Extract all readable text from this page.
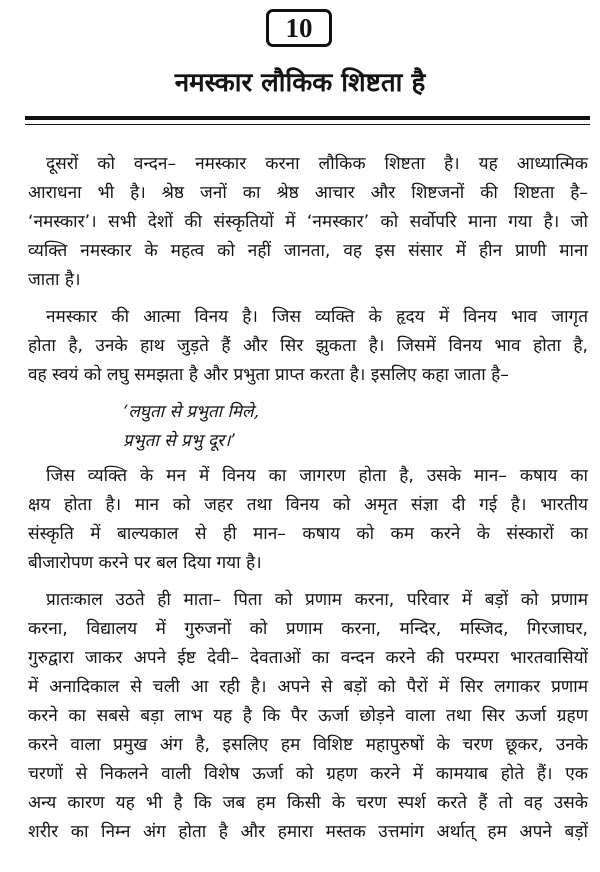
10
नमस्कार लौकिक शिष्टता है
दूसरों को वन्दन– नमस्कार करना लौकिक शिष्टता है। यह आध्यात्मिक
आराधना भी है। श्रेष्ठ जनों का श्रेष्ठ आचार और शिष्टजनों की शिष्टता है–
‘नमस्कार’। सभी देशों की संस्कृतियों में ‘नमस्कार’ को सर्वोपरि माना गया है। जो
व्यक्ति नमस्कार के महत्व को नहीं जानता, वह इस संसार में हीन प्राणी माना
जाता है।
नमस्कार की आत्मा विनय है। जिस व्यक्ति के हृदय में विनय भाव जागृत
होता है, उनके हाथ जुड़ते हैं और सिर झुकता है। जिसमें विनय भाव होता है,
वह स्वयं को लघु समझता है और प्रभुता प्राप्त करता है। इसलिए कहा जाता है–
‘लघुता से प्रभुता मिले,
प्रभुता से प्रभु दूर।’
जिस व्यक्ति के मन में विनय का जागरण होता है, उसके मान– कषाय का
क्षय होता है। मान को जहर तथा विनय को अमृत संज्ञा दी गई है। भारतीय
संस्कृति में बाल्यकाल से ही मान– कषाय को कम करने के संस्कारों का
बीजारोपण करने पर बल दिया गया है।
प्रातःकाल उठते ही माता– पिता को प्रणाम करना, परिवार में बड़ों को प्रणाम
करना, विद्यालय में गुरुजनों को प्रणाम करना, मन्दिर, मस्जिद, गिरजाघर,
गुरुद्वारा जाकर अपने ईष्ट देवी– देवताओं का वन्दन करने की परम्परा भारतवासियों
में अनादिकाल से चली आ रही है। अपने से बड़ों को पैरों में सिर लगाकर प्रणाम
करने का सबसे बड़ा लाभ यह है कि पैर ऊर्जा छोड़ने वाला तथा सिर ऊर्जा ग्रहण
करने वाला प्रमुख अंग है, इसलिए हम विशिष्ट महापुरुषों के चरण छूकर, उनके
चरणों से निकलने वाली विशेष ऊर्जा को ग्रहण करने में कामयाब होते हैं। एक
अन्य कारण यह भी है कि जब हम किसी के चरण स्पर्श करते हैं तो वह उसके
शरीर का निम्न अंग होता है और हमारा मस्तक उत्तमांग अर्थात् हम अपने बड़ों
